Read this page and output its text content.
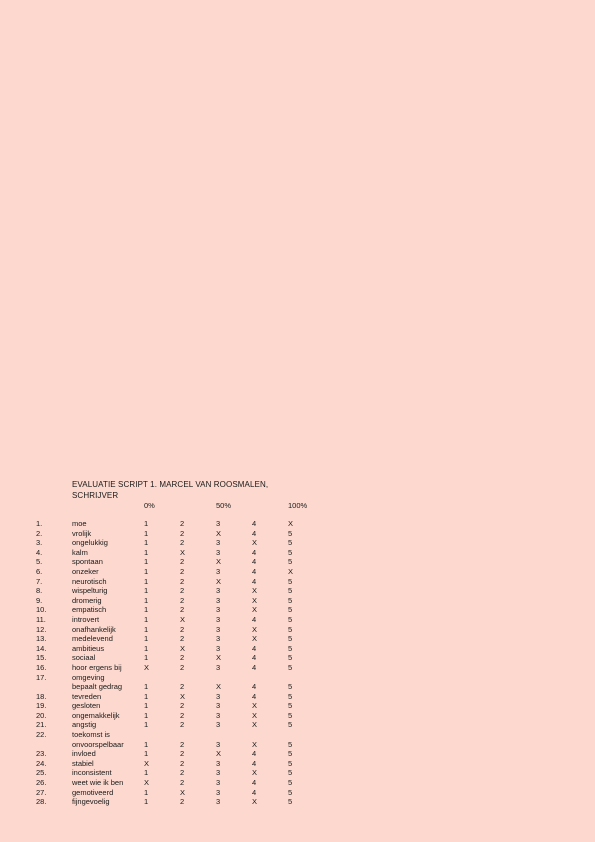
EVALUATIE SCRIPT 1. MARCEL VAN ROOSMALEN,
SCHRIJVER
0%	50%	100%
1.	moe	1	2	3	4	X
2.	vrolijk	1	2	X	4	5
3.	ongelukkig	1	2	3	X	5
4.	kalm	1	X	3	4	5
5.	spontaan	1	2	X	4	5
6.	onzeker	1	2	3	4	X
7.	neurotisch	1	2	X	4	5
8.	wispelturig	1	2	3	X	5
9.	dromerig	1	2	3	X	5
10.	empatisch	1	2	3	X	5
11.	introvert	1	X	3	4	5
12.	onafhankelijk	1	2	3	X	5
13.	medelevend	1	2	3	X	5
14.	ambitieus	1	X	3	4	5
15.	sociaal	1	2	X	4	5
16.	hoor ergens bij	X	2	3	4	5
17.	omgeving
bepaalt gedrag	1	2	X	4	5
18.	tevreden	1	X	3	4	5
19.	gesloten	1	2	3	X	5
20.	ongemakkelijk	1	2	3	X	5
21.	angstig	1	2	3	X	5
22.	toekomst is
onvoorspelbaar	1	2	3	X	5
23.	invloed	1	2	X	4	5
24.	stabiel	X	2	3	4	5
25.	inconsistent	1	2	3	X	5
26.	weet wie ik ben	X	2	3	4	5
27.	gemotiveerd	1	X	3	4	5
28.	fijngevoelig	1	2	3	X	5
